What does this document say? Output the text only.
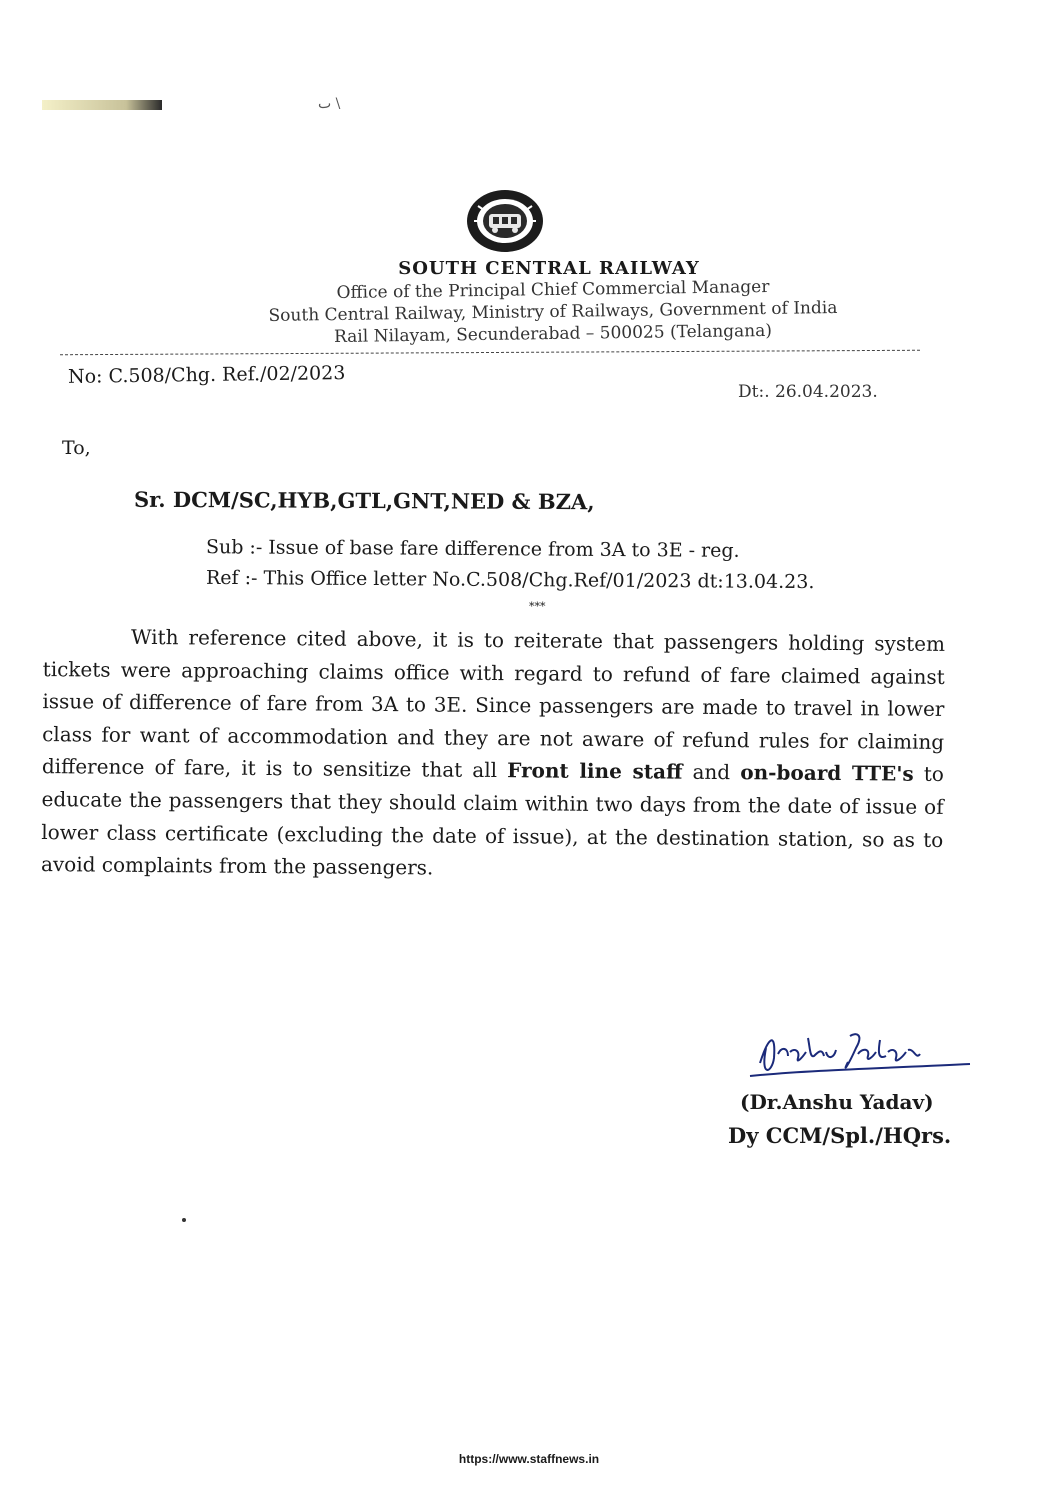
ٮ \
SOUTH CENTRAL RAILWAY
Office of the Principal Chief Commercial Manager
South Central Railway, Ministry of Railways, Government of India
Rail Nilayam, Secunderabad – 500025 (Telangana)
No: C.508/Chg. Ref./02/2023
Dt:. 26.04.2023.
To,
Sr. DCM/SC,HYB,GTL,GNT,NED & BZA,
Sub :- Issue of base fare difference from 3A to 3E - reg.
Ref :- This Office letter No.C.508/Chg.Ref/01/2023 dt:13.04.23.
***
With reference cited above, it is to reiterate that passengers holding system tickets were approaching claims office with regard to refund of fare claimed against issue of difference of fare from 3A to 3E. Since passengers are made to travel in lower class for want of accommodation and they are not aware of refund rules for claiming difference of fare, it is to sensitize that all Front line staff and on-board TTE's to educate the passengers that they should claim within two days from the date of issue of lower class certificate (excluding the date of issue), at the destination station, so as to avoid complaints from the passengers.
(Dr.Anshu Yadav)
Dy CCM/Spl./HQrs.
https://www.staffnews.in
